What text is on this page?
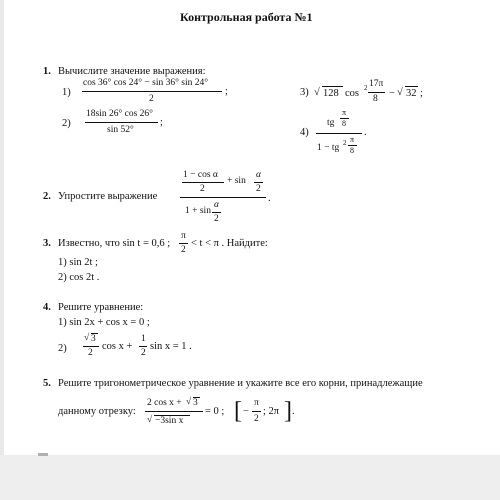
Контрольная работа №1
1. Вычислите значение выражения:
1)
cos 36° cos 24° − sin 36° sin 24°
2
;
2)
18sin 26° cos 26°
sin 52°
;
3) √ 128 cos 2 17π
8 − √ 32 ;
4)
tg
π
8
1 − tg 2 π
8
.
2. Упростите выражение
1 − cos α
2
+ sin
α
2
1 + sin
α
2
.
3. Известно, что sin t = 0,6 ;
π
2
< t < π . Найдите:
1) sin 2t ;
2) cos 2t .
4. Решите уравнение:
1) sin 2x + cos x = 0 ;
2)
√ 3
2
cos x +
1
2
sin x = 1 .
5. Решите тригонометрическое уравнение и укажите все его корни, принадлежащие
данному отрезку:
2 cos x + √ 3
√ −3sin x
= 0 ; [ −
π
2
; 2π ] .
